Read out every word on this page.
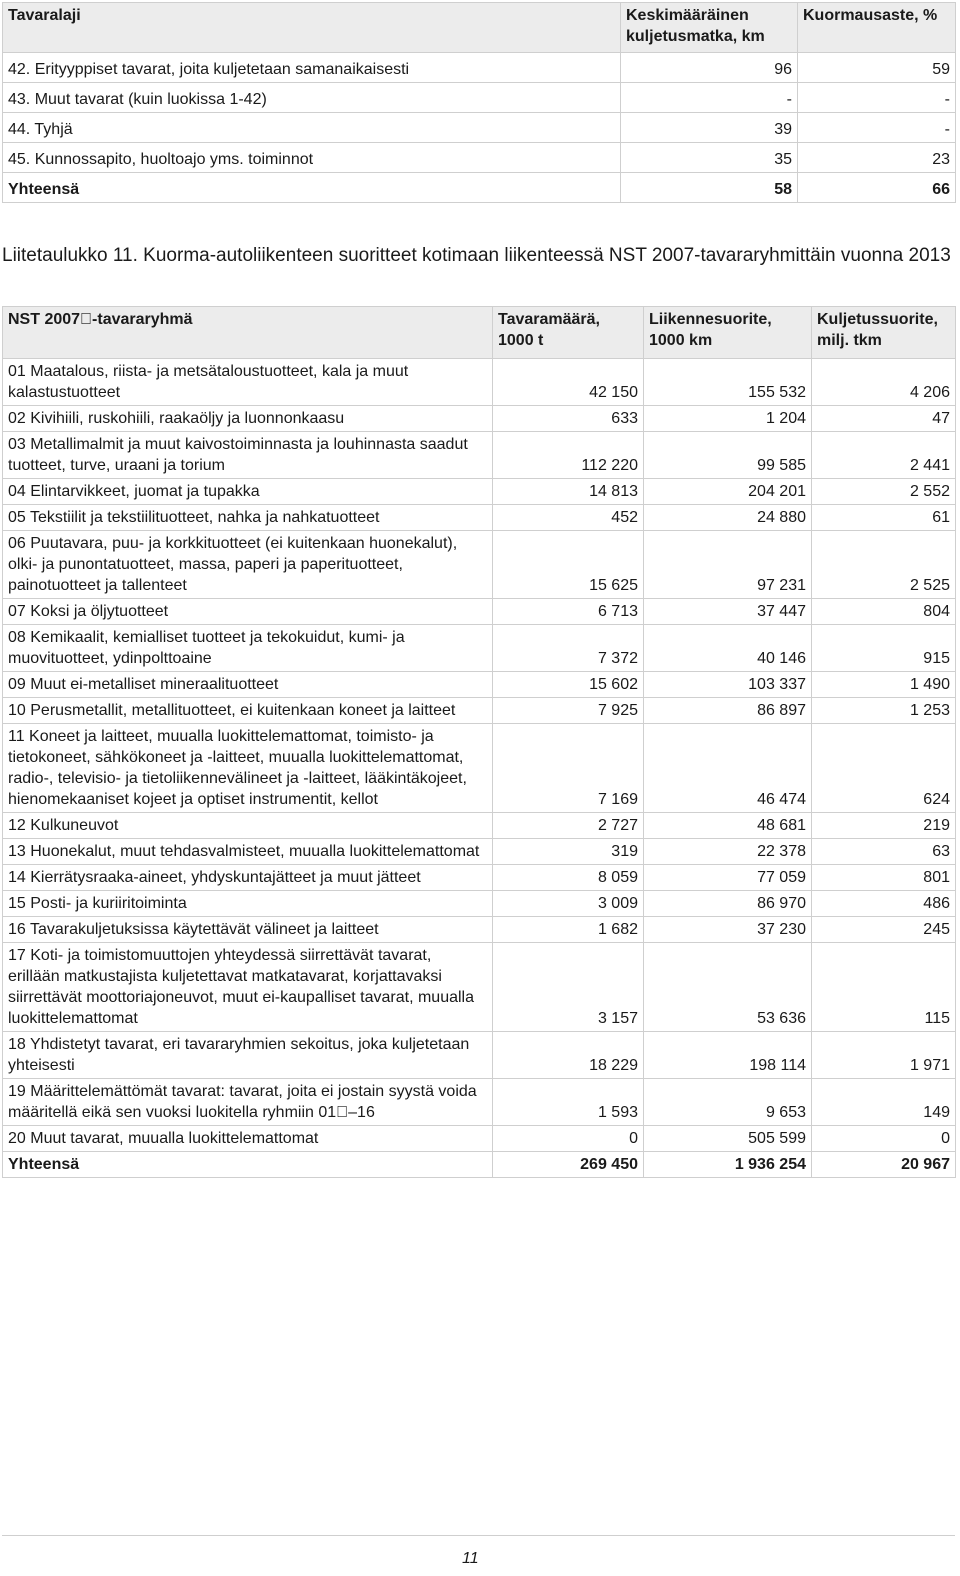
Tavaralaji	Keskimääräinen kuljetusmatka, km	Kuormausaste, %
42. Erityyppiset tavarat, joita kuljetetaan samanaikaisesti	96	59
43. Muut tavarat (kuin luokissa 1-42)	-	-
44. Tyhjä	39	-
45. Kunnossapito, huoltoajo yms. toiminnot	35	23
Yhteensä	58	66
Liitetaulukko 11. Kuorma-autoliikenteen suoritteet kotimaan liikenteessä NST 2007-tavararyhmittäin vuonna 2013
NST 2007 -tavararyhmä	Tavaramäärä, 1000 t	Liikennesuorite, 1000 km	Kuljetussuorite, milj. tkm
01 Maatalous, riista- ja metsätaloustuotteet, kala ja muut kalastustuotteet	42 150	155 532	4 206
02 Kivihiili, ruskohiili, raakaöljy ja luonnonkaasu	633	1 204	47
03 Metallimalmit ja muut kaivostoiminnasta ja louhinnasta saadut tuotteet, turve, uraani ja torium	112 220	99 585	2 441
04 Elintarvikkeet, juomat ja tupakka	14 813	204 201	2 552
05 Tekstiilit ja tekstiilituotteet, nahka ja nahkatuotteet	452	24 880	61
06 Puutavara, puu- ja korkkituotteet (ei kuitenkaan huonekalut), olki- ja punontatuotteet, massa, paperi ja paperituotteet, painotuotteet ja tallenteet	15 625	97 231	2 525
07 Koksi ja öljytuotteet	6 713	37 447	804
08 Kemikaalit, kemialliset tuotteet ja tekokuidut, kumi- ja muovituotteet, ydinpolttoaine	7 372	40 146	915
09 Muut ei-metalliset mineraalituotteet	15 602	103 337	1 490
10 Perusmetallit, metallituotteet, ei kuitenkaan koneet ja laitteet	7 925	86 897	1 253
11 Koneet ja laitteet, muualla luokittelemattomat, toimisto- ja tietokoneet, sähkökoneet ja -laitteet, muualla luokittelemattomat, radio-, televisio- ja tietoliikennevälineet ja -laitteet, lääkintäkojeet, hienomekaaniset kojeet ja optiset instrumentit, kellot	7 169	46 474	624
12 Kulkuneuvot	2 727	48 681	219
13 Huonekalut, muut tehdasvalmisteet, muualla luokittelemattomat	319	22 378	63
14 Kierrätysraaka-aineet, yhdyskuntajätteet ja muut jätteet	8 059	77 059	801
15 Posti- ja kuriiritoiminta	3 009	86 970	486
16 Tavarakuljetuksissa käytettävät välineet ja laitteet	1 682	37 230	245
17 Koti- ja toimistomuuttojen yhteydessä siirrettävät tavarat, erillään matkustajista kuljetettavat matkatavarat, korjattavaksi siirrettävät moottoriajoneuvot, muut ei-kaupalliset tavarat, muualla luokittelemattomat	3 157	53 636	115
18 Yhdistetyt tavarat, eri tavararyhmien sekoitus, joka kuljetetaan yhteisesti	18 229	198 114	1 971
19 Määrittelemättömät tavarat: tavarat, joita ei jostain syystä voida määritellä eikä sen vuoksi luokitella ryhmiin 01 –16	1 593	9 653	149
20 Muut tavarat, muualla luokittelemattomat	0	505 599	0
Yhteensä	269 450	1 936 254	20 967
11
